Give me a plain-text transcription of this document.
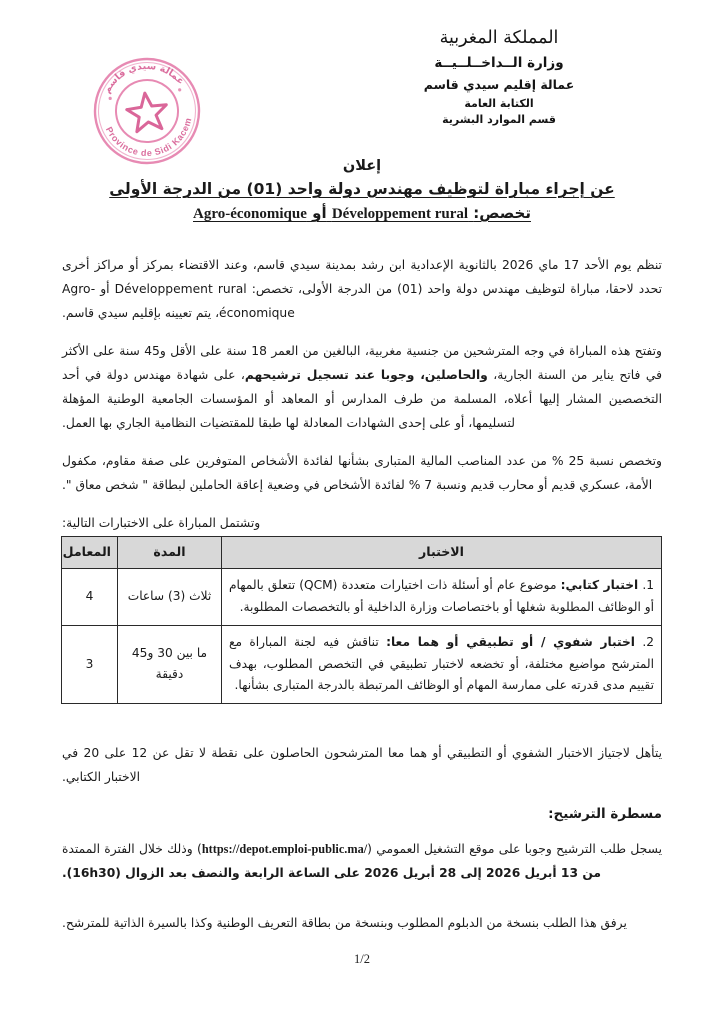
عمالة سيدي قاسم
Province de Sidi Kacem
المملكة المغربية
وزارة الــداخــلــيــة
عمالة إقليم سيدي قاسم
الكتابة العامة
قسم الموارد البشرية
إعلان
عن إجراء مباراة لتوظيف مهندس دولة واحد (01) من الدرجة الأولى
تخصص: Développement rural أو Agro-économique

تنظم يوم الأحد 17 ماي 2026 بالثانوية الإعدادية ابن رشد بمدينة سيدي قاسم، وعند الاقتضاء بمركز أو مراكز أخرى تحدد لاحقا، مباراة لتوظيف مهندس دولة واحد (01) من الدرجة الأولى، تخصص: Développement rural أو Agro-économique، يتم تعيينه بإقليم سيدي قاسم.

وتفتح هذه المباراة في وجه المترشحين من جنسية مغربية، البالغين من العمر 18 سنة على الأقل و45 سنة على الأكثر في فاتح يناير من السنة الجارية، والحاصلين، وجوبا عند تسجيل ترشيحهم، على شهادة مهندس دولة في أحد التخصصين المشار إليها أعلاه، المسلمة من طرف المدارس أو المعاهد أو المؤسسات الجامعية الوطنية المؤهلة لتسليمها، أو على إحدى الشهادات المعادلة لها طبقا للمقتضيات النظامية الجاري بها العمل.

وتخصص نسبة 25 % من عدد المناصب المالية المتبارى بشأنها لفائدة الأشخاص المتوفرين على صفة مقاوم، مكفول الأمة، عسكري قديم أو محارب قديم ونسبة 7 % لفائدة الأشخاص في وضعية إعاقة الحاملين لبطاقة " شخص معاق ".

وتشتمل المباراة على الاختبارات التالية:

الاختبار	المدة	المعامل
1. اختبار كتابي: موضوع عام أو أسئلة ذات اختيارات متعددة (QCM) تتعلق بالمهام أو الوظائف المطلوبة شغلها أو باختصاصات وزارة الداخلية أو بالتخصصات المطلوبة.	ثلاث (3) ساعات	4
2. اختبار شفوي / أو تطبيقي أو هما معا: تناقش فيه لجنة المباراة مع المترشح مواضيع مختلفة، أو تخضعه لاختبار تطبيقي في التخصص المطلوب، بهدف تقييم مدى قدرته على ممارسة المهام أو الوظائف المرتبطة بالدرجة المتبارى بشأنها.	ما بين 30 و45 دقيقة	3

يتأهل لاجتياز الاختبار الشفوي أو التطبيقي أو هما معا المترشحون الحاصلون على نقطة لا تقل عن 12 على 20 في الاختبار الكتابي.

مسطرة الترشيح:

يسجل طلب الترشيح وجوبا على موقع التشغيل العمومي (https://depot.emploi-public.ma/) وذلك خلال الفترة الممتدة من 13 أبريل 2026 إلى 28 أبريل 2026 على الساعة الرابعة والنصف بعد الزوال (16h30).

يرفق هذا الطلب بنسخة من الدبلوم المطلوب وبنسخة من بطاقة التعريف الوطنية وكذا بالسيرة الذاتية للمترشح.

1/2
